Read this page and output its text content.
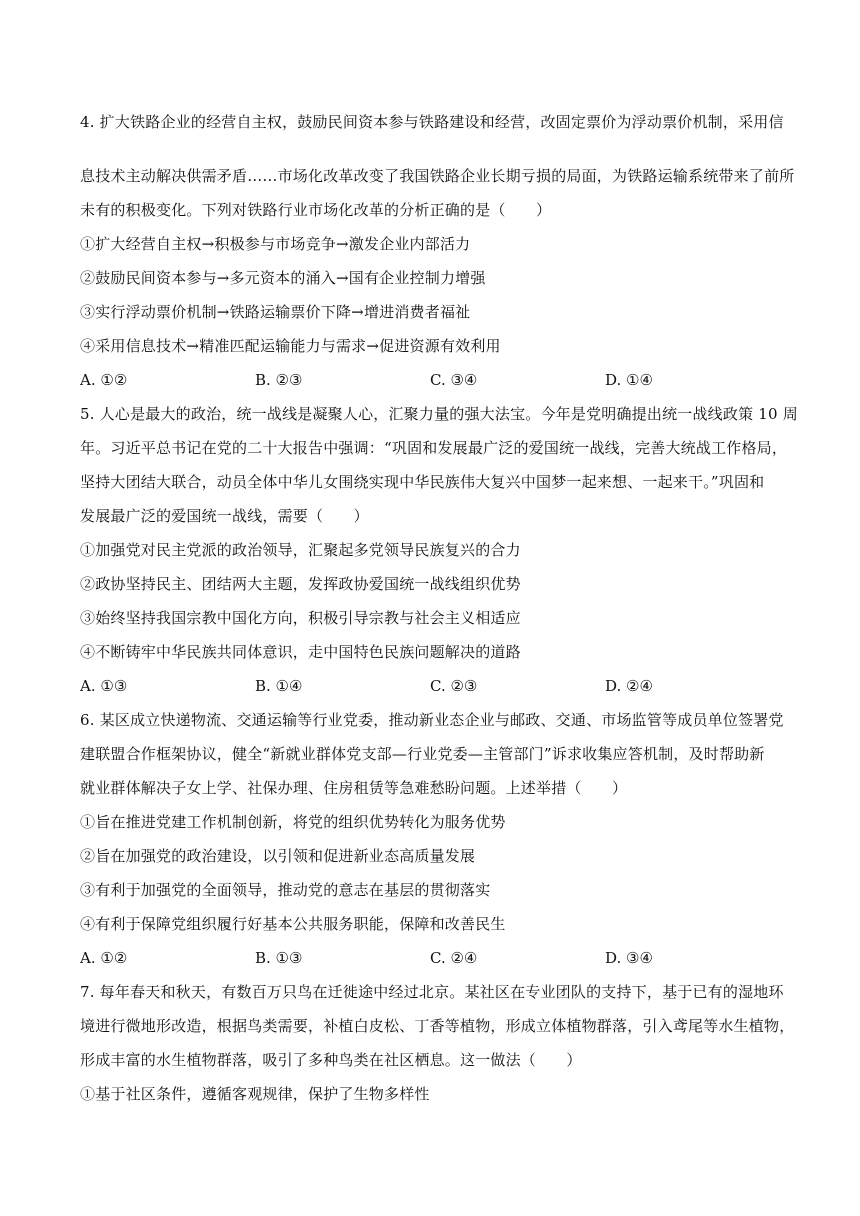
4. 扩大铁路企业的经营自主权，鼓励民间资本参与铁路建设和经营，改固定票价为浮动票价机制，采用信
息技术主动解决供需矛盾……市场化改革改变了我国铁路企业长期亏损的局面，为铁路运输系统带来了前所
未有的积极变化。下列对铁路行业市场化改革的分析正确的是（　　）
①扩大经营自主权→积极参与市场竞争→激发企业内部活力
②鼓励民间资本参与→多元资本的涌入→国有企业控制力增强
③实行浮动票价机制→铁路运输票价下降→增进消费者福祉
④采用信息技术→精准匹配运输能力与需求→促进资源有效利用
A. ①②	B. ②③	C. ③④	D. ①④
5. 人心是最大的政治，统一战线是凝聚人心，汇聚力量的强大法宝。今年是党明确提出统一战线政策 10 周
年。习近平总书记在党的二十大报告中强调：“巩固和发展最广泛的爱国统一战线，完善大统战工作格局，
坚持大团结大联合，动员全体中华儿女围绕实现中华民族伟大复兴中国梦一起来想、一起来干。”巩固和
发展最广泛的爱国统一战线，需要（　　）
①加强党对民主党派的政治领导，汇聚起多党领导民族复兴的合力
②政协坚持民主、团结两大主题，发挥政协爱国统一战线组织优势
③始终坚持我国宗教中国化方向，积极引导宗教与社会主义相适应
④不断铸牢中华民族共同体意识，走中国特色民族问题解决的道路
A. ①③	B. ①④	C. ②③	D. ②④
6. 某区成立快递物流、交通运输等行业党委，推动新业态企业与邮政、交通、市场监管等成员单位签署党
建联盟合作框架协议，健全“新就业群体党支部—行业党委—主管部门”诉求收集应答机制，及时帮助新
就业群体解决子女上学、社保办理、住房租赁等急难愁盼问题。上述举措（　　）
①旨在推进党建工作机制创新，将党的组织优势转化为服务优势
②旨在加强党的政治建设，以引领和促进新业态高质量发展
③有利于加强党的全面领导，推动党的意志在基层的贯彻落实
④有利于保障党组织履行好基本公共服务职能，保障和改善民生
A. ①②	B. ①③	C. ②④	D. ③④
7. 每年春天和秋天，有数百万只鸟在迁徙途中经过北京。某社区在专业团队的支持下，基于已有的湿地环
境进行微地形改造，根据鸟类需要，补植白皮松、丁香等植物，形成立体植物群落，引入鸢尾等水生植物，
形成丰富的水生植物群落，吸引了多种鸟类在社区栖息。这一做法（　　）
①基于社区条件，遵循客观规律，保护了生物多样性
